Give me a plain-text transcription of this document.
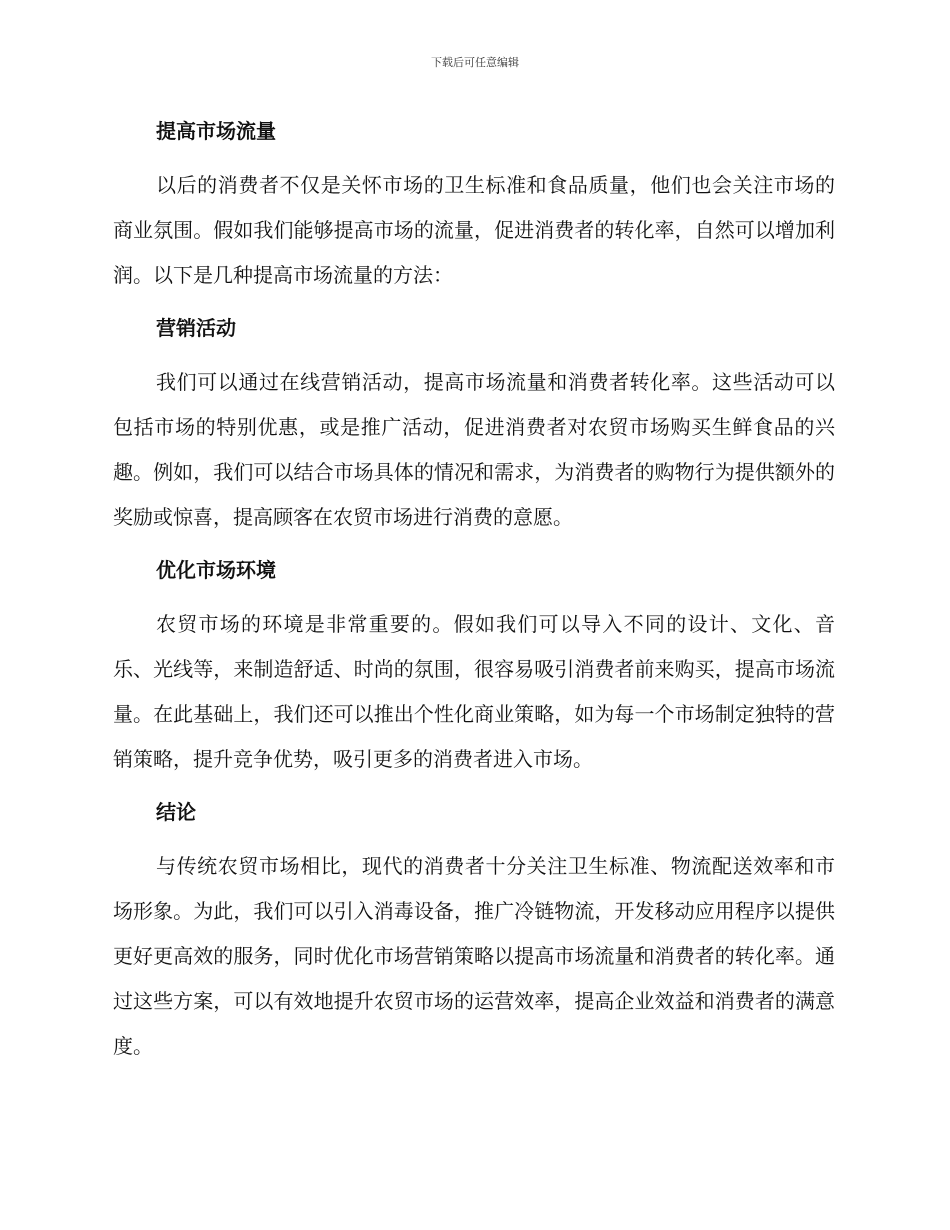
下载后可任意编辑
提高市场流量

以后的消费者不仅是关怀市场的卫生标准和食品质量，他们也会关注市场的商业氛围。假如我们能够提高市场的流量，促进消费者的转化率，自然可以增加利润。以下是几种提高市场流量的方法：

营销活动

我们可以通过在线营销活动，提高市场流量和消费者转化率。这些活动可以包括市场的特别优惠，或是推广活动，促进消费者对农贸市场购买生鲜食品的兴趣。例如，我们可以结合市场具体的情况和需求，为消费者的购物行为提供额外的奖励或惊喜，提高顾客在农贸市场进行消费的意愿。

优化市场环境

农贸市场的环境是非常重要的。假如我们可以导入不同的设计、文化、音乐、光线等，来制造舒适、时尚的氛围，很容易吸引消费者前来购买，提高市场流量。在此基础上，我们还可以推出个性化商业策略，如为每一个市场制定独特的营销策略，提升竞争优势，吸引更多的消费者进入市场。

结论

与传统农贸市场相比，现代的消费者十分关注卫生标准、物流配送效率和市场形象。为此，我们可以引入消毒设备，推广冷链物流，开发移动应用程序以提供更好更高效的服务，同时优化市场营销策略以提高市场流量和消费者的转化率。通过这些方案，可以有效地提升农贸市场的运营效率，提高企业效益和消费者的满意度。
